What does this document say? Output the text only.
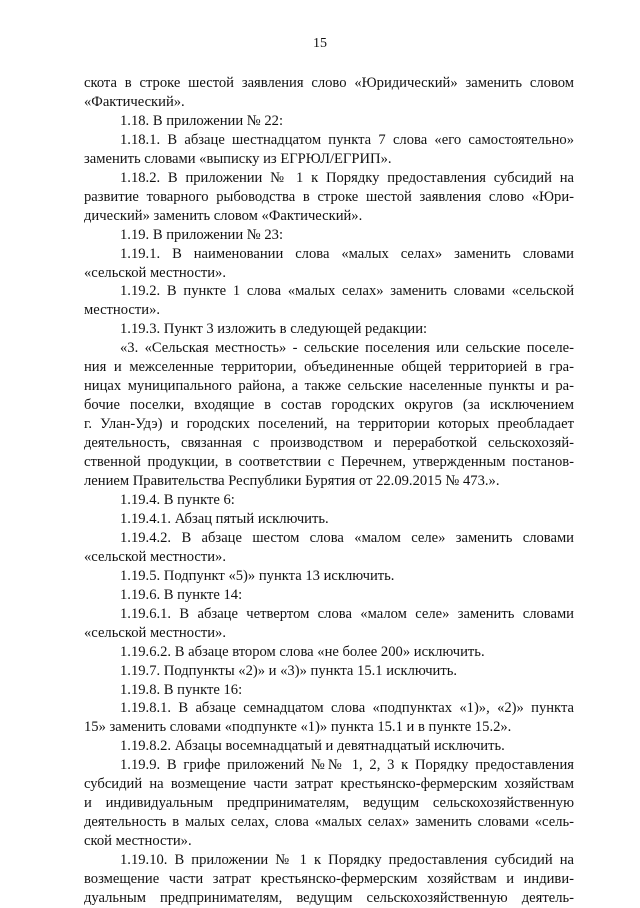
15
скота в строке шестой заявления слово «Юридический» заменить словом
«Фактический».
1.18. В приложении № 22:
1.18.1. В абзаце шестнадцатом пункта 7 слова «его самостоятельно»
заменить словами «выписку из ЕГРЮЛ/ЕГРИП».
1.18.2. В приложении № 1 к Порядку предоставления субсидий на
развитие товарного рыбоводства в строке шестой заявления слово «Юри-
дический» заменить словом «Фактический».
1.19. В приложении № 23:
1.19.1. В наименовании слова «малых селах» заменить словами
«сельской местности».
1.19.2. В пункте 1 слова «малых селах» заменить словами «сельской
местности».
1.19.3. Пункт 3 изложить в следующей редакции:
«3. «Сельская местность» - сельские поселения или сельские поселе-
ния и межселенные территории, объединенные общей территорией в гра-
ницах муниципального района, а также сельские населенные пункты и ра-
бочие поселки, входящие в состав городских округов (за исключением
г. Улан-Удэ) и городских поселений, на территории которых преобладает
деятельность, связанная с производством и переработкой сельскохозяй-
ственной продукции, в соответствии с Перечнем, утвержденным постанов-
лением Правительства Республики Бурятия от 22.09.2015 № 473.».
1.19.4. В пункте 6:
1.19.4.1. Абзац пятый исключить.
1.19.4.2. В абзаце шестом слова «малом селе» заменить словами
«сельской местности».
1.19.5. Подпункт «5)» пункта 13 исключить.
1.19.6. В пункте 14:
1.19.6.1. В абзаце четвертом слова «малом селе» заменить словами
«сельской местности».
1.19.6.2. В абзаце втором слова «не более 200» исключить.
1.19.7. Подпункты «2)» и «3)» пункта 15.1 исключить.
1.19.8. В пункте 16:
1.19.8.1. В абзаце семнадцатом слова «подпунктах «1)», «2)» пункта
15» заменить словами «подпункте «1)» пункта 15.1 и в пункте 15.2».
1.19.8.2. Абзацы восемнадцатый и девятнадцатый исключить.
1.19.9. В грифе приложений №№ 1, 2, 3 к Порядку предоставления
субсидий на возмещение части затрат крестьянско-фермерским хозяйствам
и индивидуальным предпринимателям, ведущим сельскохозяйственную
деятельность в малых селах, слова «малых селах» заменить словами «сель-
ской местности».
1.19.10. В приложении № 1 к Порядку предоставления субсидий на
возмещение части затрат крестьянско-фермерским хозяйствам и индиви-
дуальным предпринимателям, ведущим сельскохозяйственную деятель-
